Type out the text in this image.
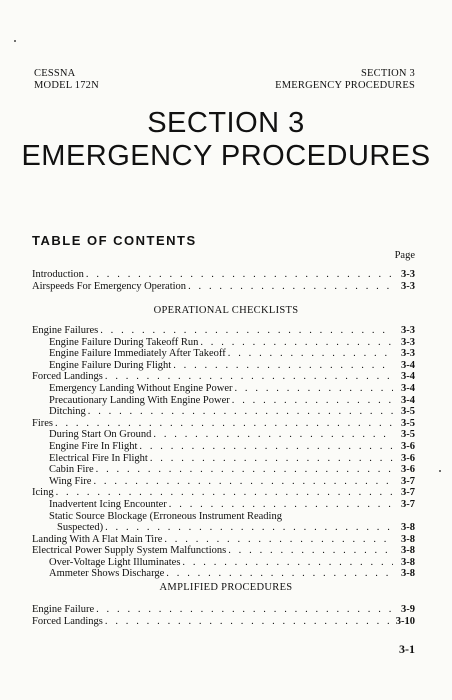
CESSNA
MODEL 172N
SECTION 3
EMERGENCY PROCEDURES
SECTION 3
EMERGENCY PROCEDURES
TABLE OF CONTENTS
Page
Introduction . . .	3-3
Airspeeds For Emergency Operation . . .	3-3
OPERATIONAL CHECKLISTS
Engine Failures . . .	3-3
Engine Failure During Takeoff Run . . .	3-3
Engine Failure Immediately After Takeoff . . .	3-3
Engine Failure During Flight . . .	3-4
Forced Landings . . .	3-4
Emergency Landing Without Engine Power . . .	3-4
Precautionary Landing With Engine Power . . .	3-4
Ditching . . .	3-5
Fires . . .	3-5
During Start On Ground . . .	3-5
Engine Fire In Flight . . .	3-6
Electrical Fire In Flight . . .	3-6
Cabin Fire . . .	3-6
Wing Fire . . .	3-7
Icing . . .	3-7
Inadvertent Icing Encounter . . .	3-7
Static Source Blockage (Erroneous Instrument Reading
Suspected) . . .	3-8
Landing With A Flat Main Tire . . .	3-8
Electrical Power Supply System Malfunctions . . .	3-8
Over-Voltage Light Illuminates . . .	3-8
Ammeter Shows Discharge . . .	3-8
AMPLIFIED PROCEDURES
Engine Failure . . .	3-9
Forced Landings . . .	3-10
3-1
